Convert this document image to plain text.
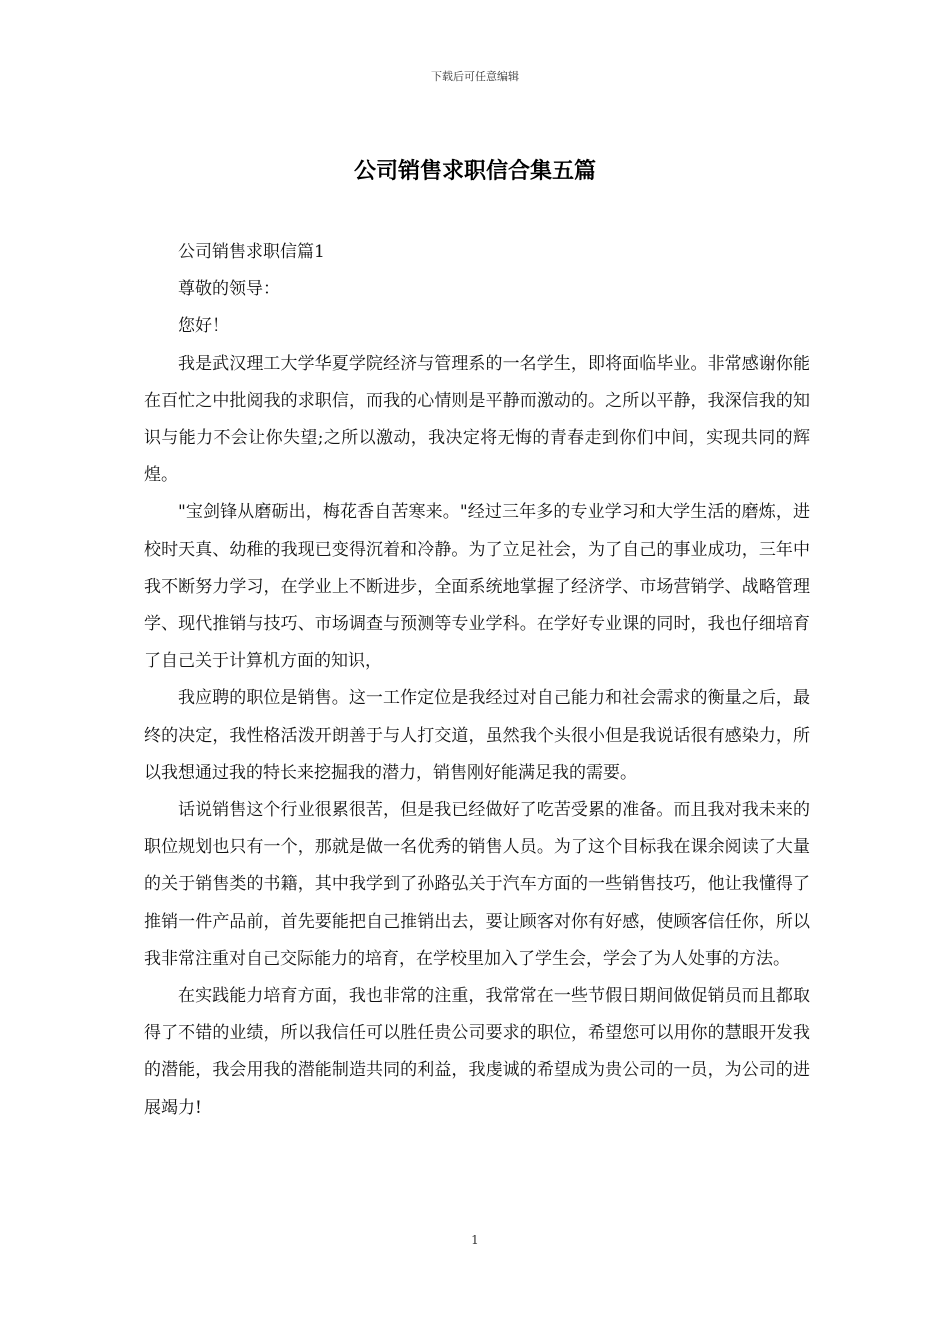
下载后可任意编辑
公司销售求职信合集五篇

公司销售求职信篇1

尊敬的领导：

您好！

我是武汉理工大学华夏学院经济与管理系的一名学生，即将面临毕业。非常感谢你能在百忙之中批阅我的求职信，而我的心情则是平静而激动的。之所以平静，我深信我的知识与能力不会让你失望;之所以激动，我决定将无悔的青春走到你们中间，实现共同的辉煌。

"宝剑锋从磨砺出，梅花香自苦寒来。"经过三年多的专业学习和大学生活的磨炼，进校时天真、幼稚的我现已变得沉着和冷静。为了立足社会，为了自己的事业成功，三年中我不断努力学习，在学业上不断进步，全面系统地掌握了经济学、市场营销学、战略管理学、现代推销与技巧、市场调查与预测等专业学科。在学好专业课的同时，我也仔细培育了自己关于计算机方面的知识，

我应聘的职位是销售。这一工作定位是我经过对自己能力和社会需求的衡量之后，最终的决定，我性格活泼开朗善于与人打交道，虽然我个头很小但是我说话很有感染力，所以我想通过我的特长来挖掘我的潜力，销售刚好能满足我的需要。

话说销售这个行业很累很苦，但是我已经做好了吃苦受累的准备。而且我对我未来的职位规划也只有一个，那就是做一名优秀的销售人员。为了这个目标我在课余阅读了大量的关于销售类的书籍，其中我学到了孙路弘关于汽车方面的一些销售技巧，他让我懂得了推销一件产品前，首先要能把自己推销出去，要让顾客对你有好感，使顾客信任你，所以我非常注重对自己交际能力的培育，在学校里加入了学生会，学会了为人处事的方法。

在实践能力培育方面，我也非常的注重，我常常在一些节假日期间做促销员而且都取得了不错的业绩，所以我信任可以胜任贵公司要求的职位，希望您可以用你的慧眼开发我的潜能，我会用我的潜能制造共同的利益，我虔诚的希望成为贵公司的一员，为公司的进展竭力!

1
